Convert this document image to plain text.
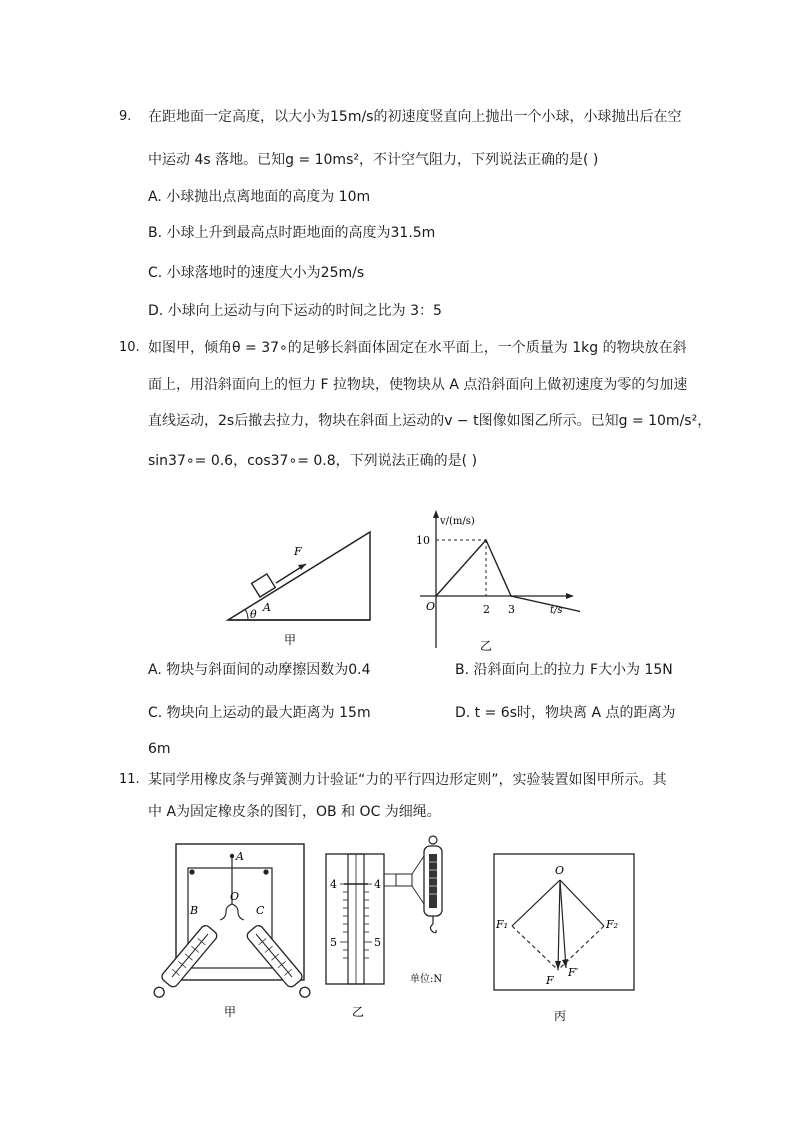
9. 在距地面一定高度，以大小为15m/s的初速度竖直向上抛出一个小球，小球抛出后在空
中运动 4s 落地。已知g = 10ms²，不计空气阻力，下列说法正确的是( )
A. 小球抛出点离地面的高度为 10m
B. 小球上升到最高点时距地面的高度为31.5m
C. 小球落地时的速度大小为25m/s
D. 小球向上运动与向下运动的时间之比为 3：5
10. 如图甲，倾角θ = 37∘的足够长斜面体固定在水平面上，一个质量为 1kg 的物块放在斜
面上，用沿斜面向上的恒力 F 拉物块，使物块从 A 点沿斜面向上做初速度为零的匀加速
直线运动，2s后撤去拉力，物块在斜面上运动的v − t图像如图乙所示。已知g = 10m/s²，
sin37∘= 0.6，cos37∘= 0.8，下列说法正确的是( )
F
A
θ
甲
v/(m/s)
t/s
O
10
2 3
乙
A. 物块与斜面间的动摩擦因数为0.4	B. 沿斜面向上的拉力 F大小为 15N
C. 物块向上运动的最大距离为 15m	D. t = 6s时，物块离 A 点的距离为
6m
11. 某同学用橡皮条与弹簧测力计验证“力的平行四边形定则”，实验装置如图甲所示。其
中 A为固定橡皮条的图钉，OB 和 OC 为细绳。
A
O
B	C
甲
4	4
5	5
单位:N
乙
O
F₁	F₂
F
F′
丙
